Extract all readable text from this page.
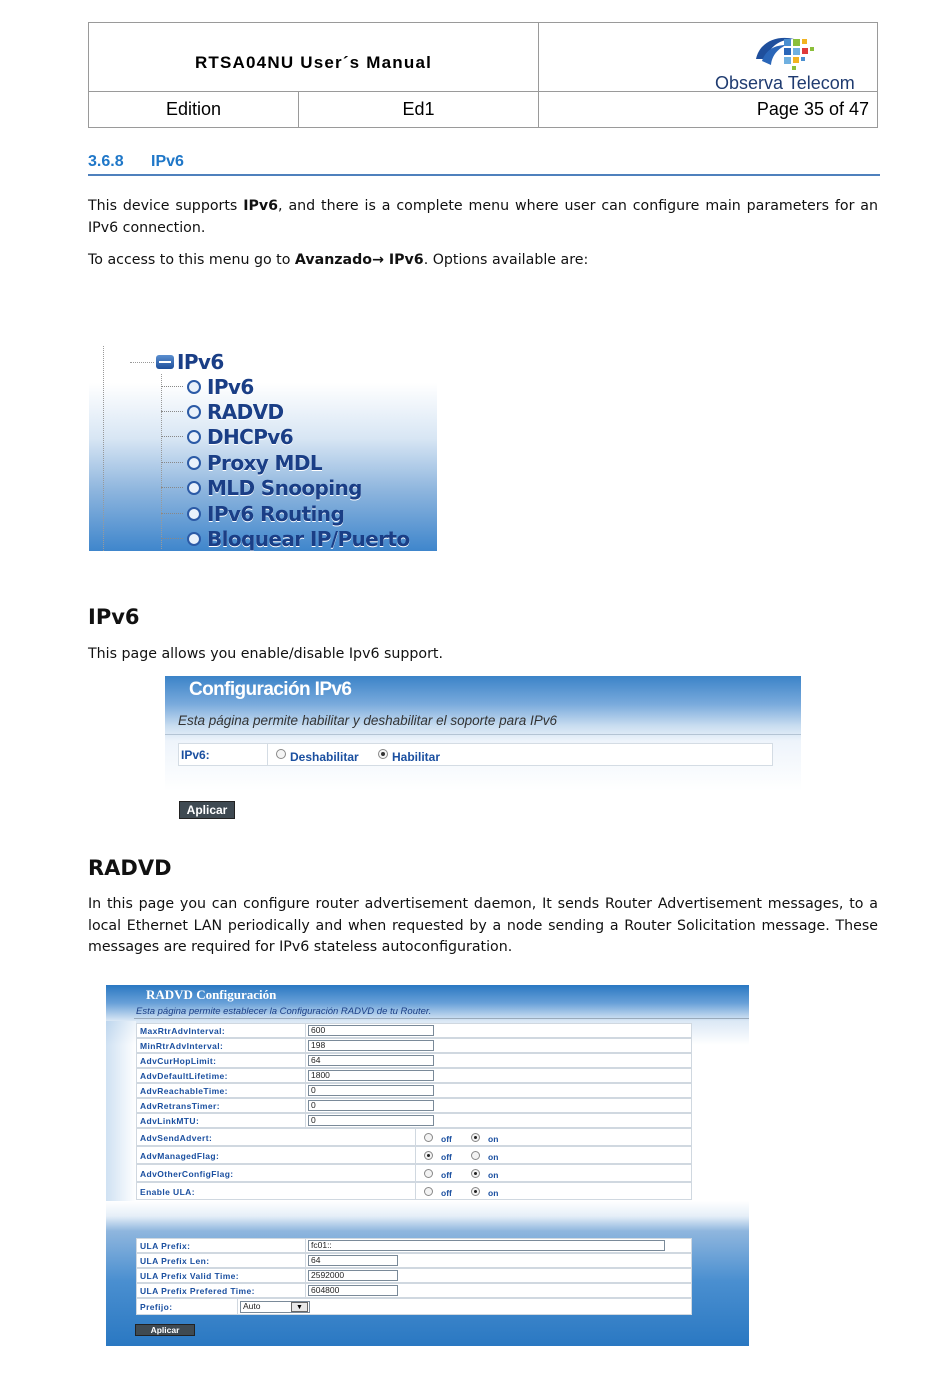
RTSA04NU User´s Manual
Observa Telecom
Edition	Ed1	Page 35 of 47
3.6.8 IPv6
This device supports IPv6, and there is a complete menu where user can configure main parameters for an IPv6 connection.
To access to this menu go to Avanzado→ IPv6. Options available are:
IPv6
IPv6
RADVD
DHCPv6
Proxy MDL
MLD Snooping
IPv6 Routing
Bloquear IP/Puerto
IPv6
This page allows you enable/disable Ipv6 support.
Configuración IPv6
Esta página permite habilitar y deshabilitar el soporte para IPv6
IPv6:	Deshabilitar	Habilitar
Aplicar
RADVD
In this page you can configure router advertisement daemon, It sends Router Advertisement messages, to a local Ethernet LAN periodically and when requested by a node sending a Router Solicitation message. These messages are required for IPv6 stateless autoconfiguration.
RADVD Configuración
Esta página permite establecer la Configuración RADVD de tu Router.
MaxRtrAdvInterval:	600
MinRtrAdvInterval:	198
AdvCurHopLimit:	64
AdvDefaultLifetime:	1800
AdvReachableTime:	0
AdvRetransTimer:	0
AdvLinkMTU:	0
AdvSendAdvert:	off	on
AdvManagedFlag:	off	on
AdvOtherConfigFlag:	off	on
Enable ULA:	off	on
ULA Prefix:	fc01::
ULA Prefix Len:	64
ULA Prefix Valid Time:	2592000
ULA Prefix Prefered Time:	604800
Prefijo:	Auto	▼
Aplicar
